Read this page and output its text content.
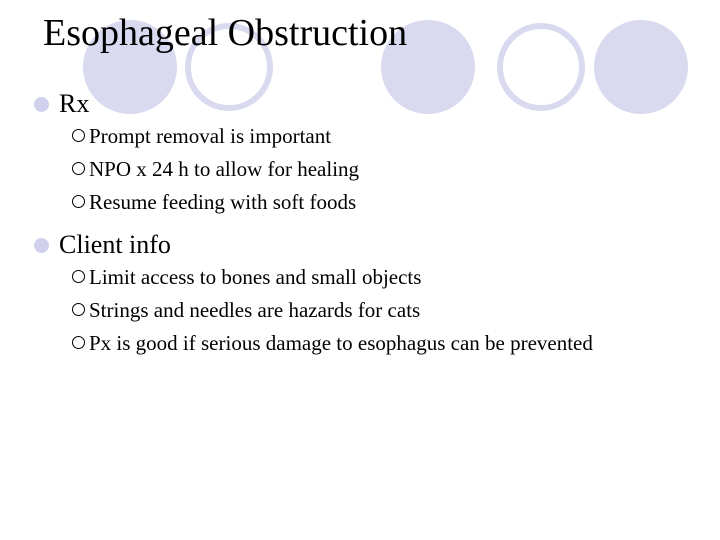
Esophageal Obstruction
Rx
Prompt removal is important
NPO x 24 h to allow for healing
Resume feeding with soft foods
Client info
Limit access to bones and small objects
Strings and needles are hazards for cats
Px is good if serious damage to esophagus can be prevented
